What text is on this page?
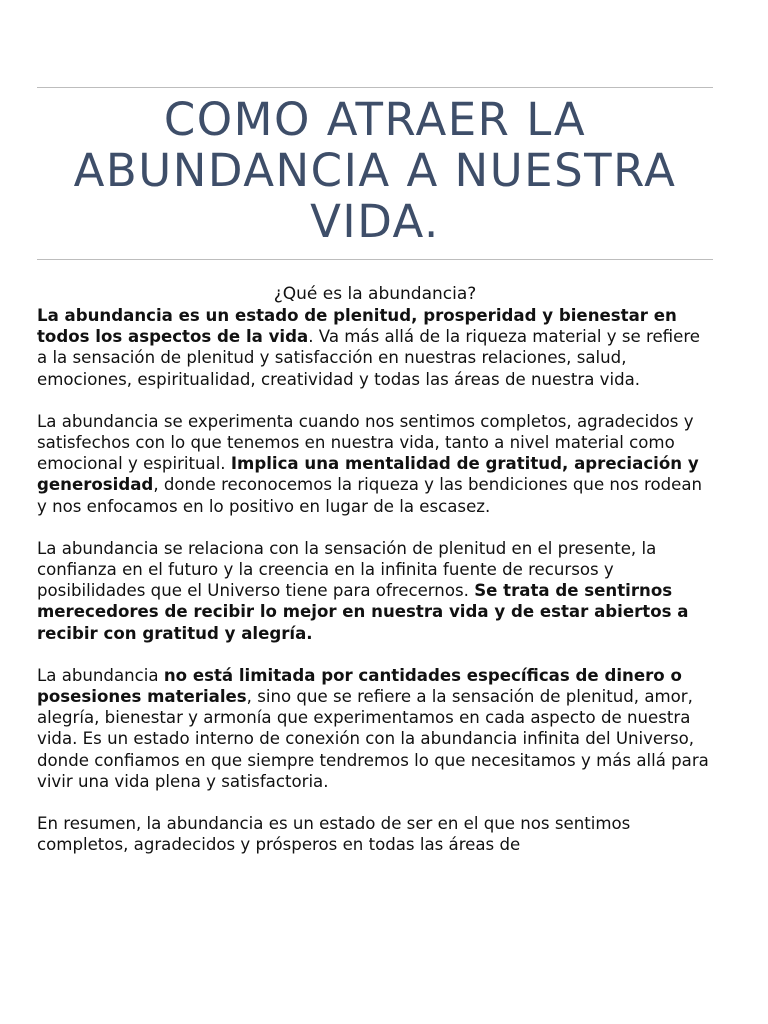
COMO ATRAER LA ABUNDANCIA A NUESTRA VIDA.

¿Qué es la abundancia?

La abundancia es un estado de plenitud, prosperidad y bienestar en todos los aspectos de la vida. Va más allá de la riqueza material y se refiere a la sensación de plenitud y satisfacción en nuestras relaciones, salud, emociones, espiritualidad, creatividad y todas las áreas de nuestra vida.

La abundancia se experimenta cuando nos sentimos completos, agradecidos y satisfechos con lo que tenemos en nuestra vida, tanto a nivel material como emocional y espiritual. Implica una mentalidad de gratitud, apreciación y generosidad, donde reconocemos la riqueza y las bendiciones que nos rodean y nos enfocamos en lo positivo en lugar de la escasez.

La abundancia se relaciona con la sensación de plenitud en el presente, la confianza en el futuro y la creencia en la infinita fuente de recursos y posibilidades que el Universo tiene para ofrecernos. Se trata de sentirnos merecedores de recibir lo mejor en nuestra vida y de estar abiertos a recibir con gratitud y alegría.

La abundancia no está limitada por cantidades específicas de dinero o posesiones materiales, sino que se refiere a la sensación de plenitud, amor, alegría, bienestar y armonía que experimentamos en cada aspecto de nuestra vida. Es un estado interno de conexión con la abundancia infinita del Universo, donde confiamos en que siempre tendremos lo que necesitamos y más allá para vivir una vida plena y satisfactoria.

En resumen, la abundancia es un estado de ser en el que nos sentimos completos, agradecidos y prósperos en todas las áreas de
